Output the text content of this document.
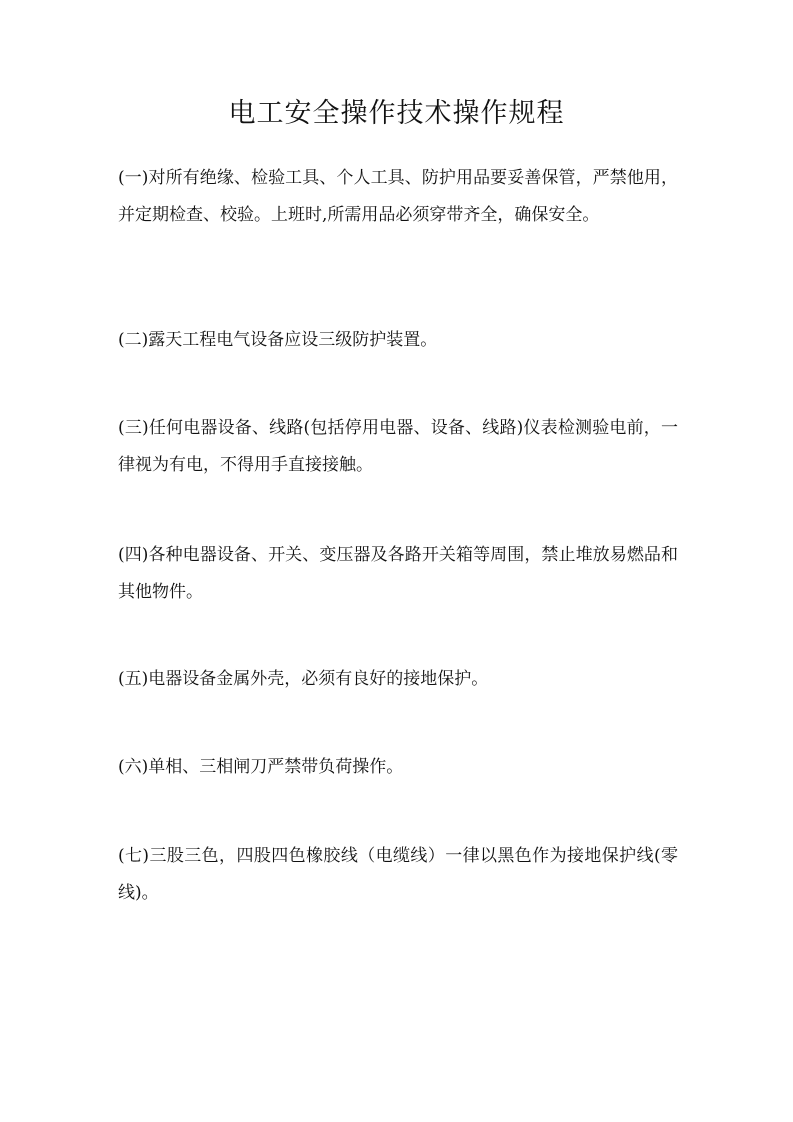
电工安全操作技术操作规程

(一)对所有绝缘、检验工具、个人工具、防护用品要妥善保管，严禁他用，并定期检查、校验。上班时,所需用品必须穿带齐全，确保安全。

(二)露天工程电气设备应设三级防护装置。

(三)任何电器设备、线路(包括停用电器、设备、线路)仪表检测验电前，一律视为有电，不得用手直接接触。

(四)各种电器设备、开关、变压器及各路开关箱等周围，禁止堆放易燃品和其他物件。

(五)电器设备金属外壳，必须有良好的接地保护。

(六)单相、三相闸刀严禁带负荷操作。

(七)三股三色，四股四色橡胶线（电缆线）一律以黑色作为接地保护线(零线)。
